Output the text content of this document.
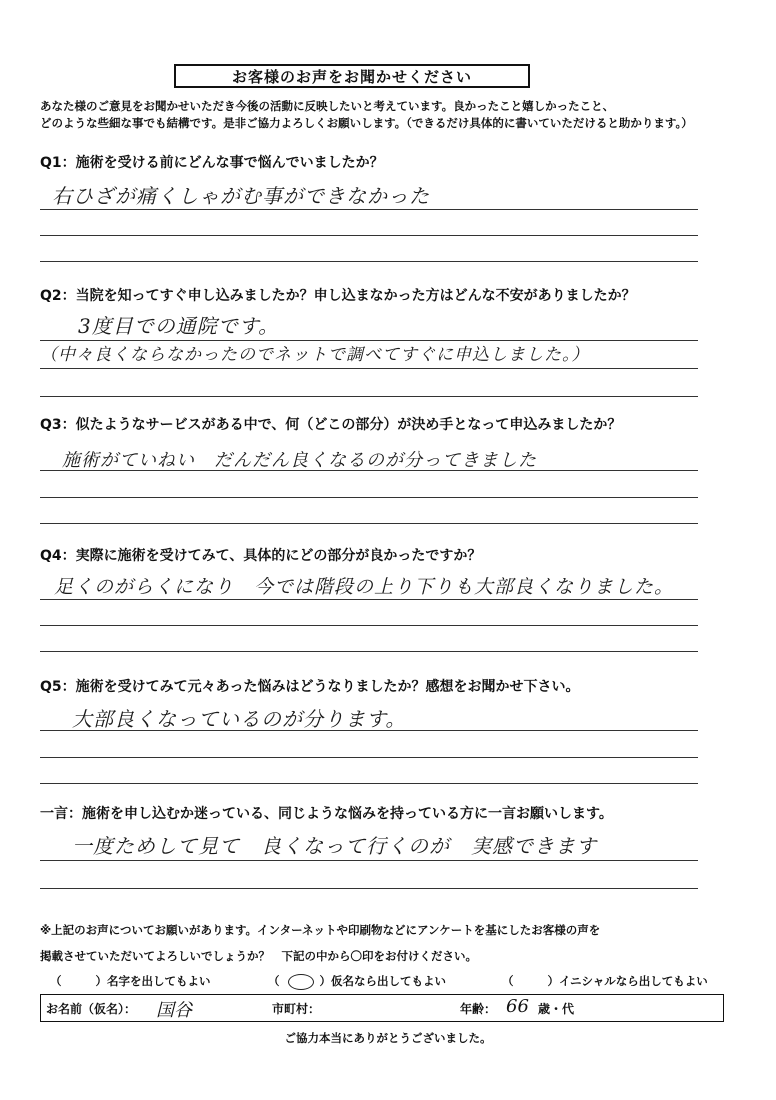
お客様のお声をお聞かせください
あなた様のご意見をお聞かせいただき今後の活動に反映したいと考えています。良かったこと嬉しかったこと、
どのような些細な事でも結構です。是非ご協力よろしくお願いします。（できるだけ具体的に書いていただけると助かります。）
Q1：施術を受ける前にどんな事で悩んでいましたか？
右ひざが痛くしゃがむ事ができなかった
Q2：当院を知ってすぐ申し込みましたか？申し込まなかった方はどんな不安がありましたか？
3度目での通院です。
（中々良くならなかったのでネットで調べてすぐに申込しました。）
Q3：似たようなサービスがある中で、何（どこの部分）が決め手となって申込みましたか？
施術がていねい　だんだん良くなるのが分ってきました
Q4：実際に施術を受けてみて、具体的にどの部分が良かったですか？
足くのがらくになり　今では階段の上り下りも大部良くなりました。
Q5：施術を受けてみて元々あった悩みはどうなりましたか？感想をお聞かせ下さい。
大部良くなっているのが分ります。
一言：施術を申し込むか迷っている、同じような悩みを持っている方に一言お願いします。
一度ためして見て　良くなって行くのが　実感できます
※上記のお声についてお願いがあります。インターネットや印刷物などにアンケートを基にしたお客様の声を
掲載させていただいてよろしいでしょうか？　下記の中から〇印をお付けください。
（	）名字を出してもよい	（	）仮名なら出してもよい	（	）イニシャルなら出してもよい
お名前（仮名）： 国谷	市町村：	年齢： 66 歳・代
ご協力本当にありがとうございました。
